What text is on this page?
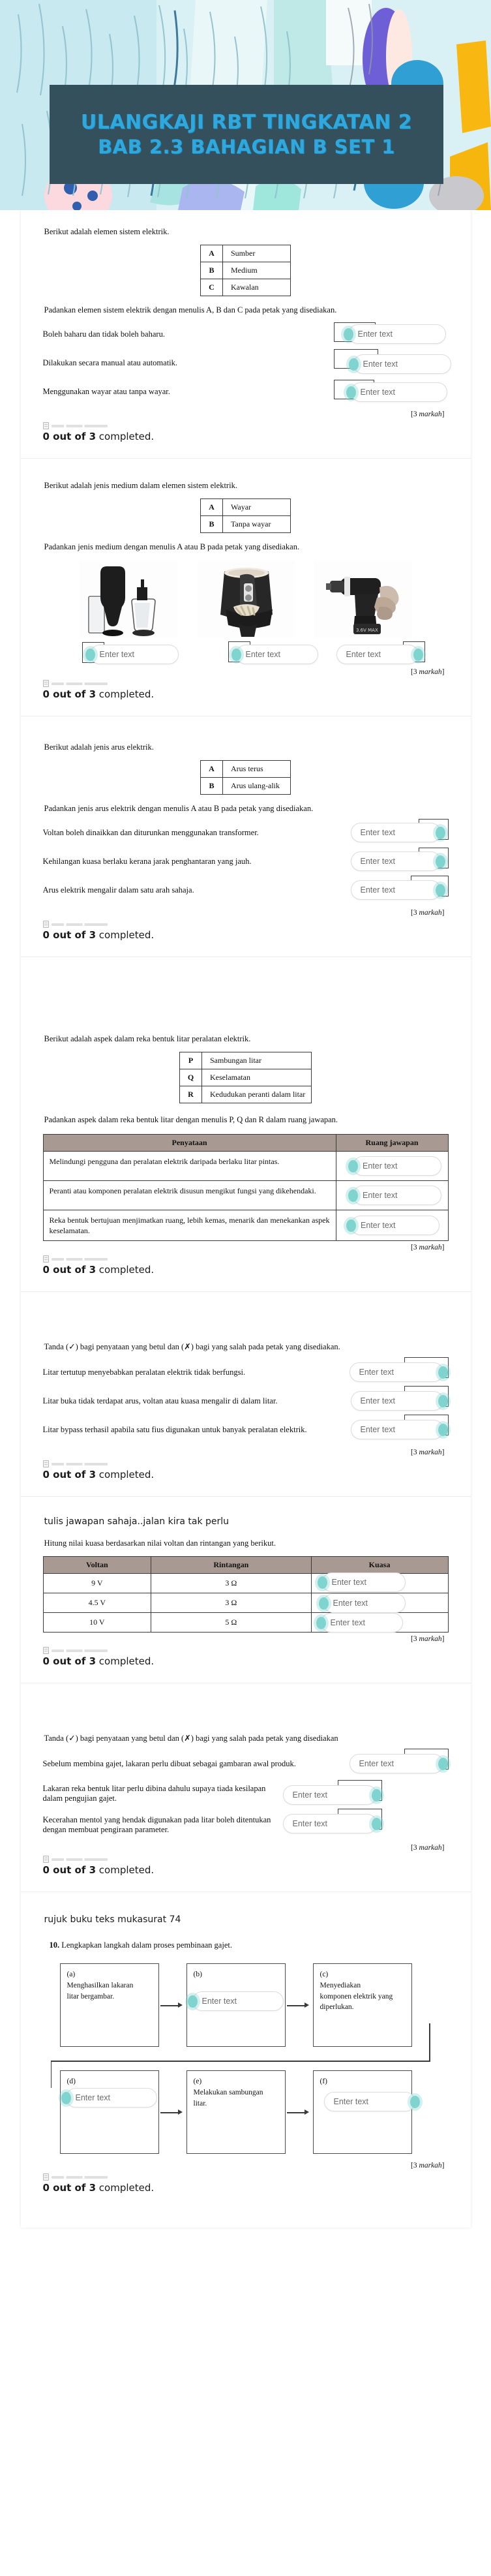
ULANGKAJI RBT TINGKATAN 2
BAB 2.3 BAHAGIAN B SET 1

Berikut adalah elemen sistem elektrik.

A	Sumber
B	Medium
C	Kawalan

Padankan elemen sistem elektrik dengan menulis A, B dan C pada petak yang disediakan.

Boleh baharu dan tidak boleh baharu.	Enter text
Dilakukan secara manual atau automatik.	Enter text
Menggunakan wayar atau tanpa wayar.	Enter text
[3 markah]
0 out of 3 completed.

Berikut adalah jenis medium dalam elemen sistem elektrik.

A	Wayar
B	Tanpa wayar

Padankan jenis medium dengan menulis A atau B pada petak yang disediakan.

3.6V MAX
Enter text	Enter text	Enter text
[3 markah]
0 out of 3 completed.

Berikut adalah jenis arus elektrik.

A	Arus terus
B	Arus ulang-alik

Padankan jenis arus elektrik dengan menulis A atau B pada petak yang disediakan.

Voltan boleh dinaikkan dan diturunkan menggunakan transformer.	Enter text
Kehilangan kuasa berlaku kerana jarak penghantaran yang jauh.	Enter text
Arus elektrik mengalir dalam satu arah sahaja.	Enter text
[3 markah]
0 out of 3 completed.

Berikut adalah aspek dalam reka bentuk litar peralatan elektrik.

P	Sambungan litar
Q	Keselamatan
R	Kedudukan peranti dalam litar

Padankan aspek dalam reka bentuk litar dengan menulis P, Q dan R dalam ruang jawapan.

Penyataan	Ruang jawapan
Melindungi pengguna dan peralatan elektrik daripada berlaku litar pintas.	Enter text

Peranti atau komponen peralatan elektrik disusun mengikut fungsi yang dikehendaki.	Enter text

Reka bentuk bertujuan menjimatkan ruang, lebih kemas, menarik dan menekankan aspek keselamatan.	Enter text
[3 markah]
0 out of 3 completed.

Tanda (✓) bagi penyataan yang betul dan (✗) bagi yang salah pada petak yang disediakan.

Litar tertutup menyebabkan peralatan elektrik tidak berfungsi.	Enter text
Litar buka tidak terdapat arus, voltan atau kuasa mengalir di dalam litar.	Enter text
Litar bypass terhasil apabila satu fius digunakan untuk banyak peralatan elektrik.	Enter text
[3 markah]
0 out of 3 completed.

tulis jawapan sahaja..jalan kira tak perlu

Hitung nilai kuasa berdasarkan nilai voltan dan rintangan yang berikut.

Voltan	Rintangan	Kuasa
9 V	3 Ω	Enter text

4.5 V	3 Ω	Enter text

10 V	5 Ω	Enter text
[3 markah]
0 out of 3 completed.

Tanda (✓) bagi penyataan yang betul dan (✗) bagi yang salah pada petak yang disediakan

Sebelum membina gajet, lakaran perlu dibuat sebagai gambaran awal produk.	Enter text
Lakaran reka bentuk litar perlu dibina dahulu supaya tiada kesilapan dalam pengujian gajet.	Enter text
Kecerahan mentol yang hendak digunakan pada litar boleh ditentukan dengan membuat pengiraan parameter.
Enter text
[3 markah]
0 out of 3 completed.

rujuk buku teks mukasurat 74

10. Lengkapkan langkah dalam proses pembinaan gajet.

(a)Menghasilkan lakaran litar bergambar.
(b)
Enter text
(c)Menyediakan komponen elektrik yang diperlukan.
(d)
Enter text
(e)Melakukan sambungan litar.
(f)
Enter text
[3 markah]
0 out of 3 completed.
